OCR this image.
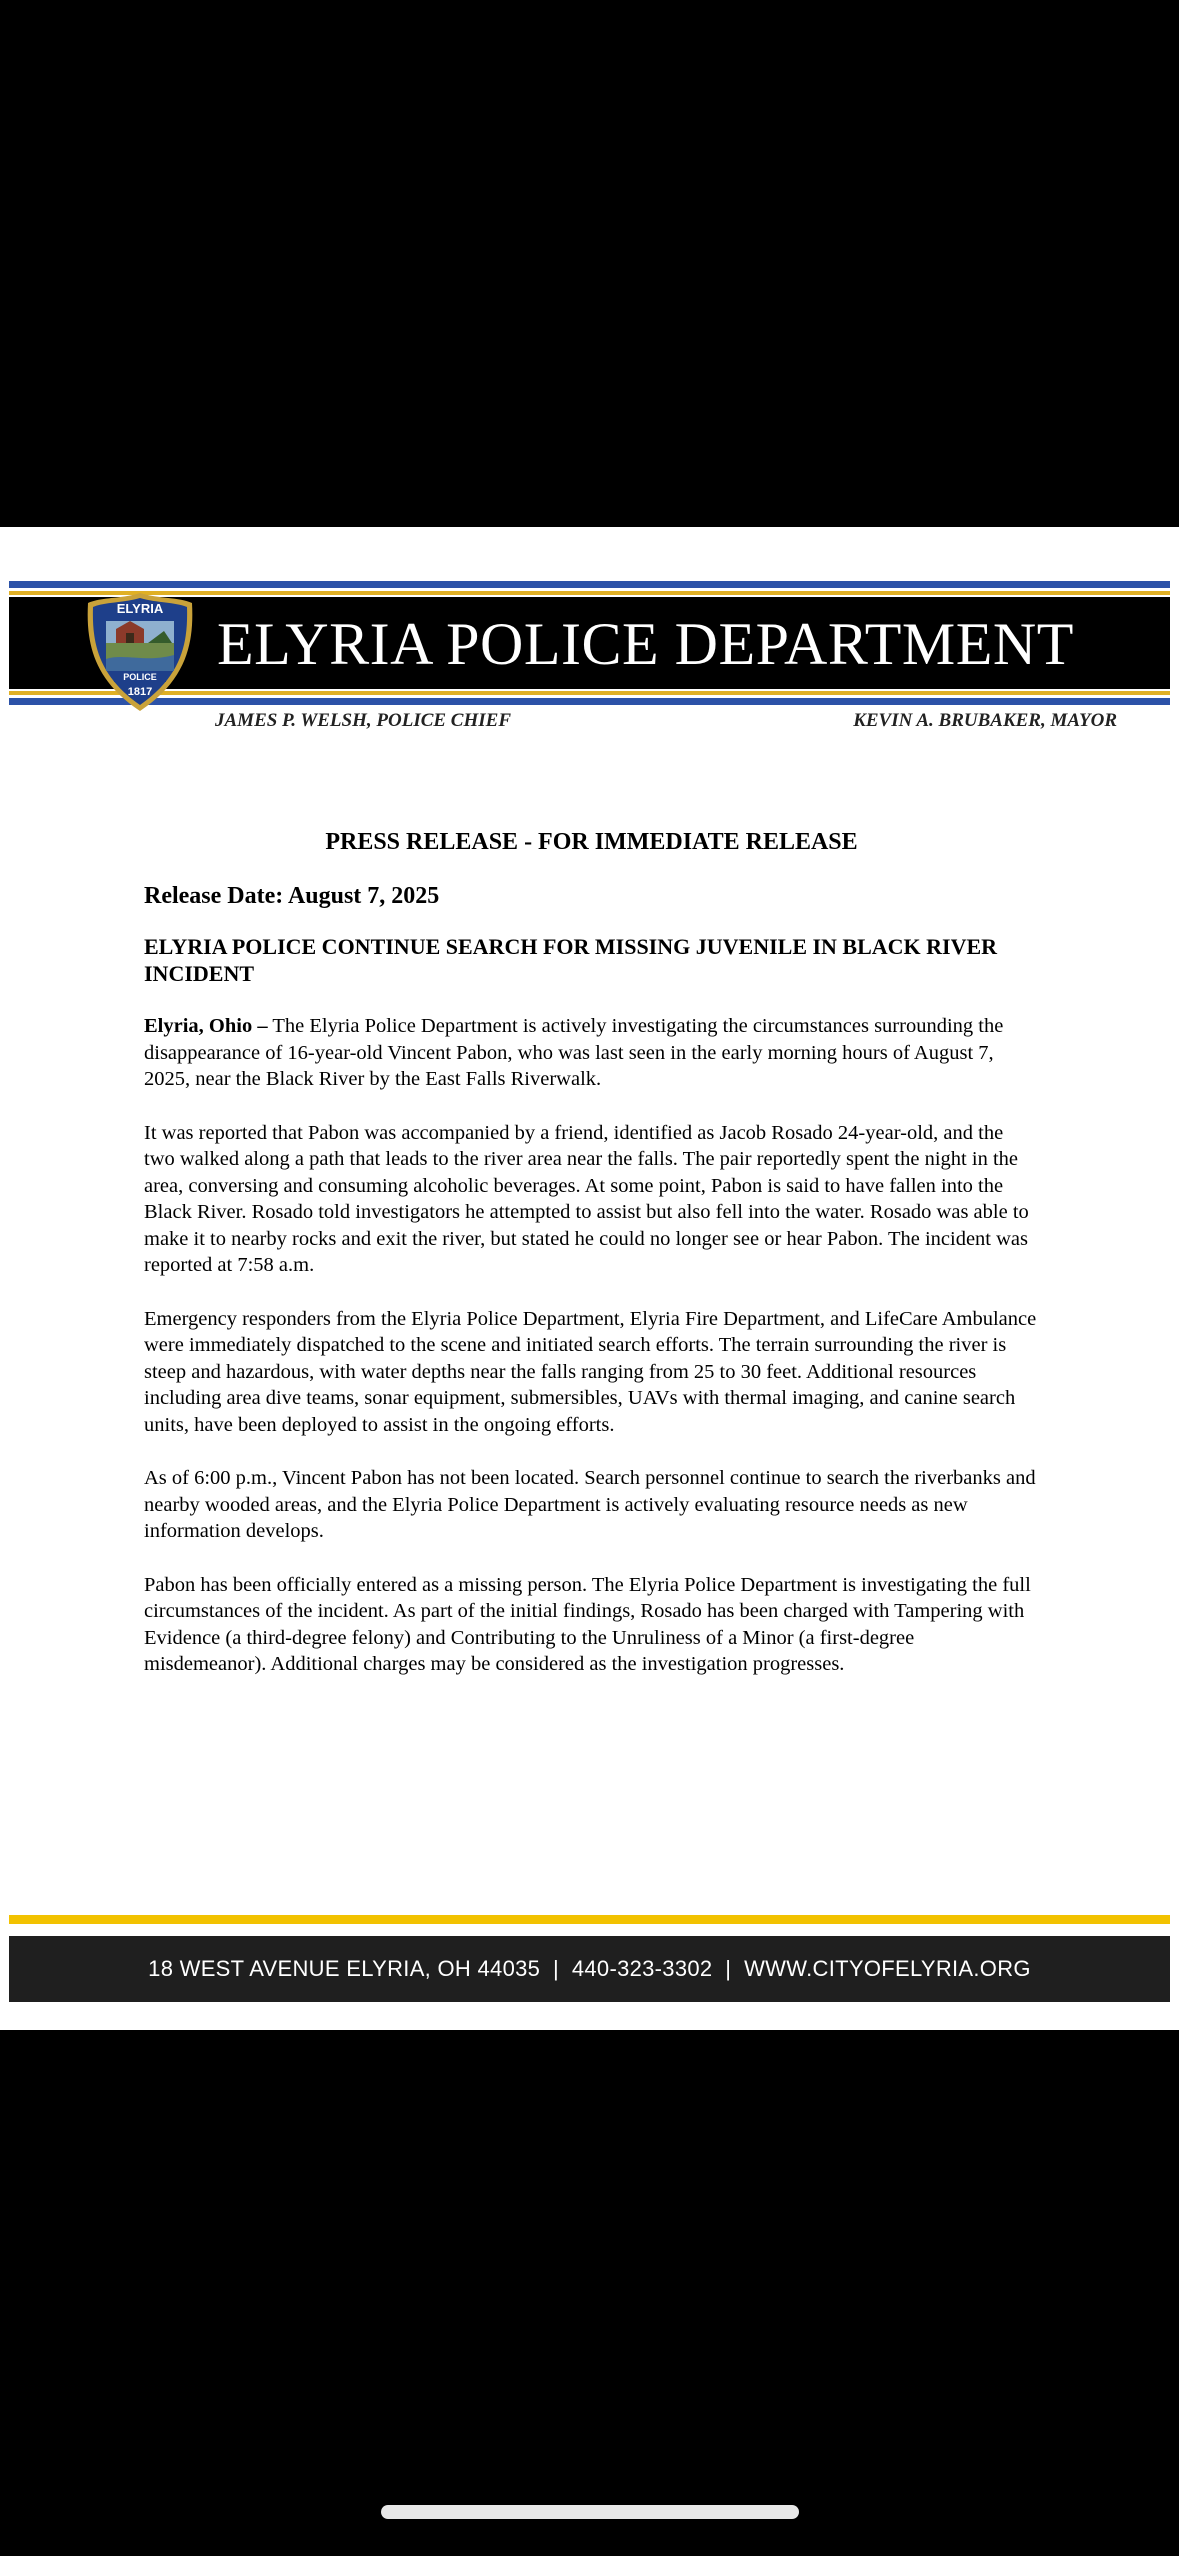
ELYRIA
POLICE
1817
ELYRIA POLICE DEPARTMENT
JAMES P. WELSH, POLICE CHIEF	KEVIN A. BRUBAKER, MAYOR
PRESS RELEASE - FOR IMMEDIATE RELEASE
Release Date: August 7, 2025
ELYRIA POLICE CONTINUE SEARCH FOR MISSING JUVENILE IN BLACK RIVER INCIDENT

Elyria, Ohio – The Elyria Police Department is actively investigating the circumstances surrounding the disappearance of 16-year-old Vincent Pabon, who was last seen in the early morning hours of August 7, 2025, near the Black River by the East Falls Riverwalk.

It was reported that Pabon was accompanied by a friend, identified as Jacob Rosado 24-year-old, and the two walked along a path that leads to the river area near the falls. The pair reportedly spent the night in the area, conversing and consuming alcoholic beverages. At some point, Pabon is said to have fallen into the Black River. Rosado told investigators he attempted to assist but also fell into the water. Rosado was able to make it to nearby rocks and exit the river, but stated he could no longer see or hear Pabon. The incident was reported at 7:58 a.m.

Emergency responders from the Elyria Police Department, Elyria Fire Department, and LifeCare Ambulance were immediately dispatched to the scene and initiated search efforts. The terrain surrounding the river is steep and hazardous, with water depths near the falls ranging from 25 to 30 feet. Additional resources including area dive teams, sonar equipment, submersibles, UAVs with thermal imaging, and canine search units, have been deployed to assist in the ongoing efforts.

As of 6:00 p.m., Vincent Pabon has not been located. Search personnel continue to search the riverbanks and nearby wooded areas, and the Elyria Police Department is actively evaluating resource needs as new information develops.

Pabon has been officially entered as a missing person. The Elyria Police Department is investigating the full circumstances of the incident. As part of the initial findings, Rosado has been charged with Tampering with Evidence (a third-degree felony) and Contributing to the Unruliness of a Minor (a first-degree misdemeanor). Additional charges may be considered as the investigation progresses.

18 WEST AVENUE ELYRIA, OH 44035  |  440-323-3302  |  WWW.CITYOFELYRIA.ORG
